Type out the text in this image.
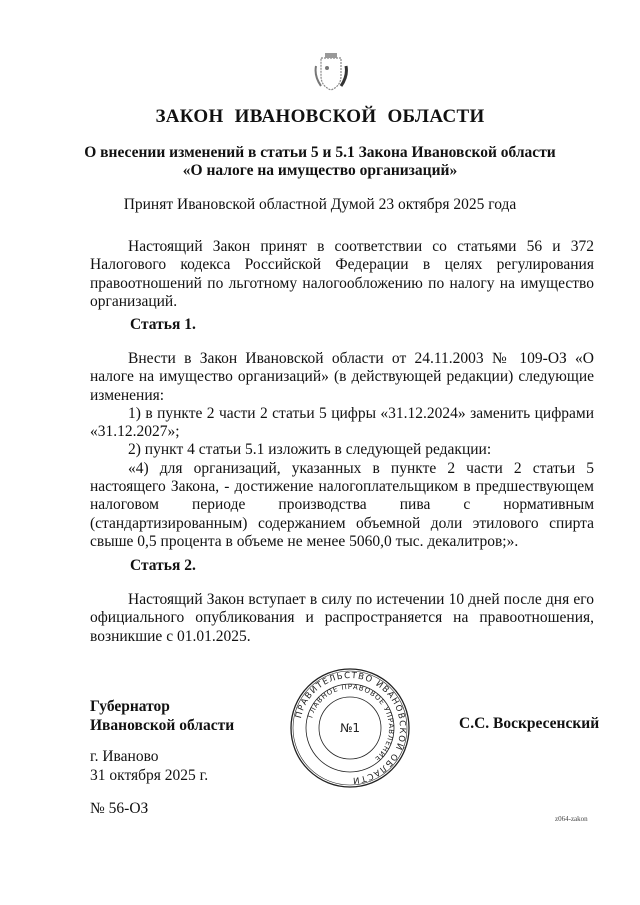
ЗАКОН ИВАНОВСКОЙ ОБЛАСТИ
О внесении изменений в статьи 5 и 5.1 Закона Ивановской области
«О налоге на имущество организаций»
Принят Ивановской областной Думой 23 октября 2025 года

Настоящий Закон принят в соответствии со статьями 56 и 372 Налогового кодекса Российской Федерации в целях регулирования правоотношений по льготному налогообложению по налогу на имущество организаций.

Статья 1.

Внести в Закон Ивановской области от 24.11.2003 № 109-ОЗ «О налоге на имущество организаций» (в действующей редакции) следующие изменения:

1) в пункте 2 части 2 статьи 5 цифры «31.12.2024» заменить цифрами «31.12.2027»;

2) пункт 4 статьи 5.1 изложить в следующей редакции:

«4) для организаций, указанных в пункте 2 части 2 статьи 5 настоящего Закона, - достижение налогоплательщиком в предшествующем налоговом периоде производства пива с нормативным (стандартизированным) содержанием объемной доли этилового спирта свыше 0,5 процента в объеме не менее 5060,0 тыс. декалитров;».

Статья 2.

Настоящий Закон вступает в силу по истечении 10 дней после дня его официального опубликования и распространяется на правоотношения, возникшие с 01.01.2025.

Губернатор
Ивановской области
ПРАВИТЕЛЬСТВО ИВАНОВСКОЙ ОБЛАСТИ
ГЛАВНОЕ ПРАВОВОЕ УПРАВЛЕНИЕ
№1	С.С. Воскресенский
г. Иваново
31 октября 2025 г.
№ 56-ОЗ
z064-zakon
